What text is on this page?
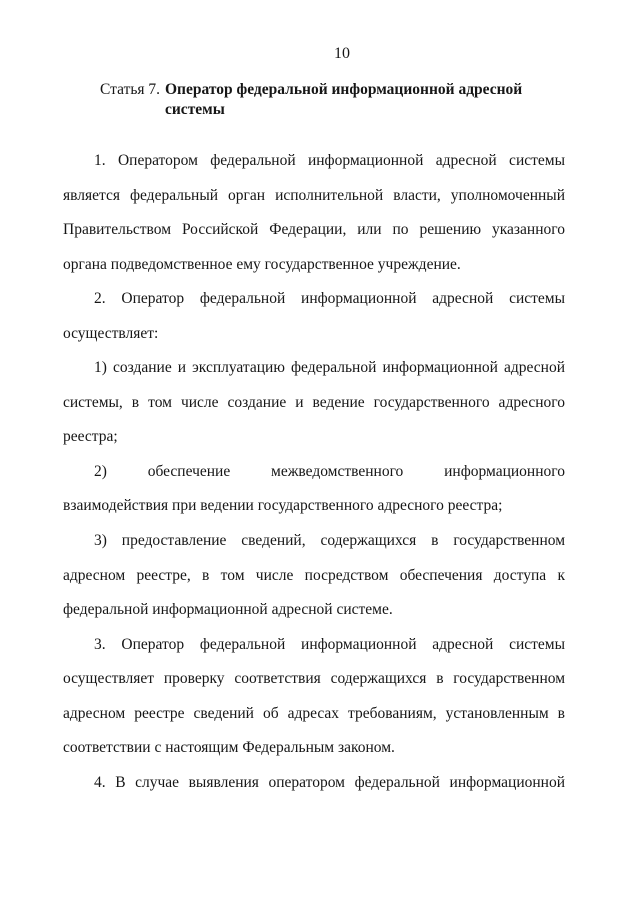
10
Статья 7. Оператор федеральной информационной адресной
системы
1. Оператором федеральной информационной адресной системы
является федеральный орган исполнительной власти, уполномоченный
Правительством Российской Федерации, или по решению указанного
органа подведомственное ему государственное учреждение.
2. Оператор федеральной информационной адресной системы
осуществляет:
1) создание и эксплуатацию федеральной информационной адресной
системы, в том числе создание и ведение государственного адресного
реестра;
2) обеспечение межведомственного информационного
взаимодействия при ведении государственного адресного реестра;
3) предоставление сведений, содержащихся в государственном
адресном реестре, в том числе посредством обеспечения доступа к
федеральной информационной адресной системе.
3. Оператор федеральной информационной адресной системы
осуществляет проверку соответствия содержащихся в государственном
адресном реестре сведений об адресах требованиям, установленным в
соответствии с настоящим Федеральным законом.
4. В случае выявления оператором федеральной информационной
